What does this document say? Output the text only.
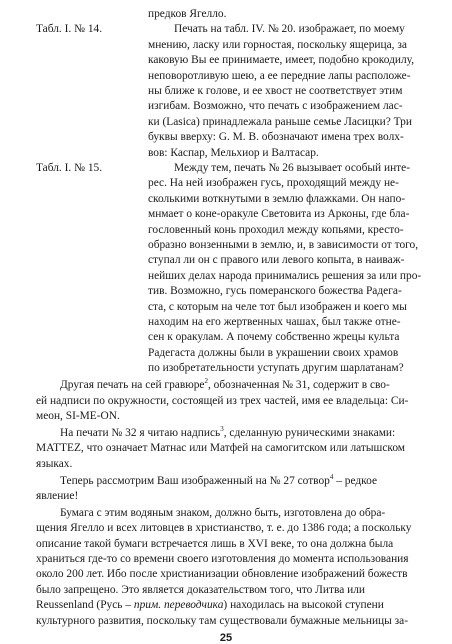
предков Ягелло.
Табл. I. № 14.	Печать на табл. IV. № 20. изображает, по моему
мнению, ласку или горностая, поскольку ящерица, за
каковую Вы ее принимаете, имеет, подобно крокодилу,
неповоротливую шею, а ее передние лапы расположе-
ны ближе к голове, и ее хвост не соответствует этим
изгибам. Возможно, что печать с изображением лас-
ки (Lasica) принадлежала раньше семье Ласицки? Три
буквы вверху: G. M. B. обозначают имена трех волх-
вов: Каспар, Мельхиор и Валтасар.
Табл. I. № 15.	Между тем, печать № 26 вызывает особый инте-
рес. На ней изображен гусь, проходящий между не-
сколькими воткнутыми в землю флажками. Он напо-
мнмает о коне-оракуле Световита из Арконы, где бла-
гословенный конь проходил между копьями, кресто-
образно вонзенными в землю, и, в зависимости от того,
ступал ли он с правого или левого копыта, в наиваж-
нейших делах народа принимались решения за или про-
тив. Возможно, гусь померанского божества Радегa-
ста, с которым на челе тот был изображен и коего мы
находим на его жертвенных чашах, был также отне-
сен к оракулам. А почему собственно жрецы культа
Радегаста должны были в украшении своих храмов
по изобретательности уступать другим шарлатанам?
Другая печать на сей гравюре$^2$, обозначенная № 31, содержит в сво-
ей надписи по окружности, состоящей из трех частей, имя ее владельца: Си-
меон, SI-ME-ON.
На печати № 32 я читаю надпись$^3$, сделанную руническими знаками:
MATTEZ, что означает Матнас или Матфей на самогитском или латышском
языках.
Теперь рассмотрим Ваш изображенный на № 27 сотвор$^4$ – редкое
явление!
Бумага с этим водяным знаком, должно быть, изготовлена до обра-
щения Ягелло и всех литовцев в христианство, т. е. до 1386 года; а поскольку
описание такой бумаги встречается лишь в XVI веке, то она должна была
храниться где-то со времени своего изготовления до момента использования
около 200 лет. Ибо после христианизации обновление изображений божеств
было запрещено. Это является доказательством того, что Литва или
Reussenland (Русь – прим. переводчика) находилась на высокой ступени
культурного развития, поскольку там существовали бумажные мельницы за-
25
